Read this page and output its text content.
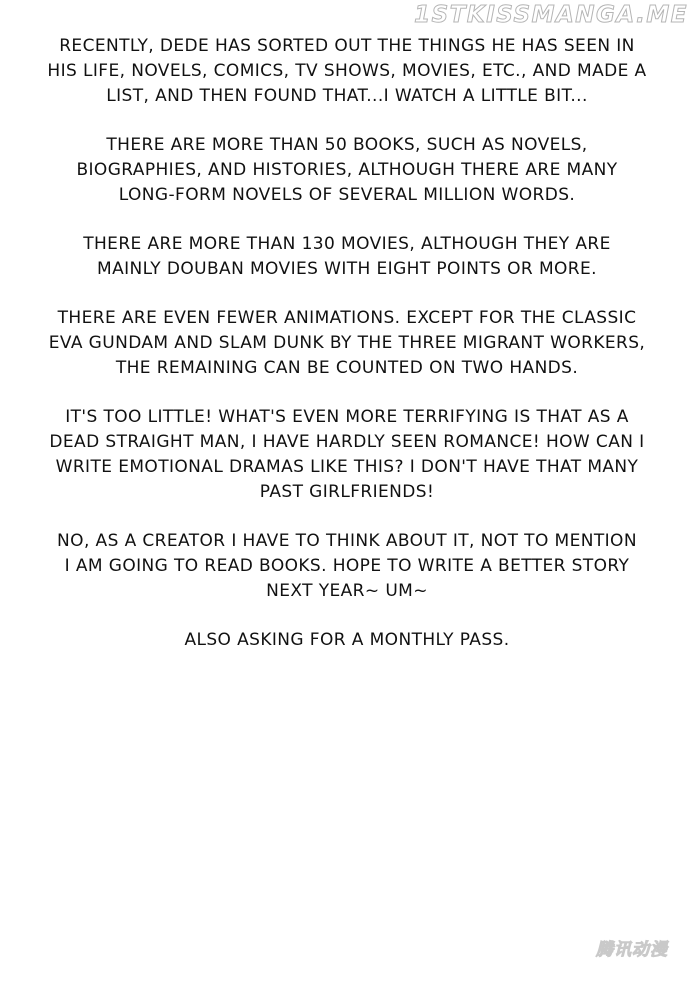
1STKISSMANGA.ME

RECENTLY, DEDE HAS SORTED OUT THE THINGS HE HAS SEEN IN
HIS LIFE, NOVELS, COMICS, TV SHOWS, MOVIES, ETC., AND MADE A
LIST, AND THEN FOUND THAT...I WATCH A LITTLE BIT...

THERE ARE MORE THAN 50 BOOKS, SUCH AS NOVELS,
BIOGRAPHIES, AND HISTORIES, ALTHOUGH THERE ARE MANY
LONG-FORM NOVELS OF SEVERAL MILLION WORDS.

THERE ARE MORE THAN 130 MOVIES, ALTHOUGH THEY ARE
MAINLY DOUBAN MOVIES WITH EIGHT POINTS OR MORE.

THERE ARE EVEN FEWER ANIMATIONS. EXCEPT FOR THE CLASSIC
EVA GUNDAM AND SLAM DUNK BY THE THREE MIGRANT WORKERS,
THE REMAINING CAN BE COUNTED ON TWO HANDS.

IT'S TOO LITTLE! WHAT'S EVEN MORE TERRIFYING IS THAT AS A
DEAD STRAIGHT MAN, I HAVE HARDLY SEEN ROMANCE! HOW CAN I
WRITE EMOTIONAL DRAMAS LIKE THIS? I DON'T HAVE THAT MANY
PAST GIRLFRIENDS!

NO, AS A CREATOR I HAVE TO THINK ABOUT IT, NOT TO MENTION
I AM GOING TO READ BOOKS. HOPE TO WRITE A BETTER STORY
NEXT YEAR~ UM~

ALSO ASKING FOR A MONTHLY PASS.

腾讯动漫
